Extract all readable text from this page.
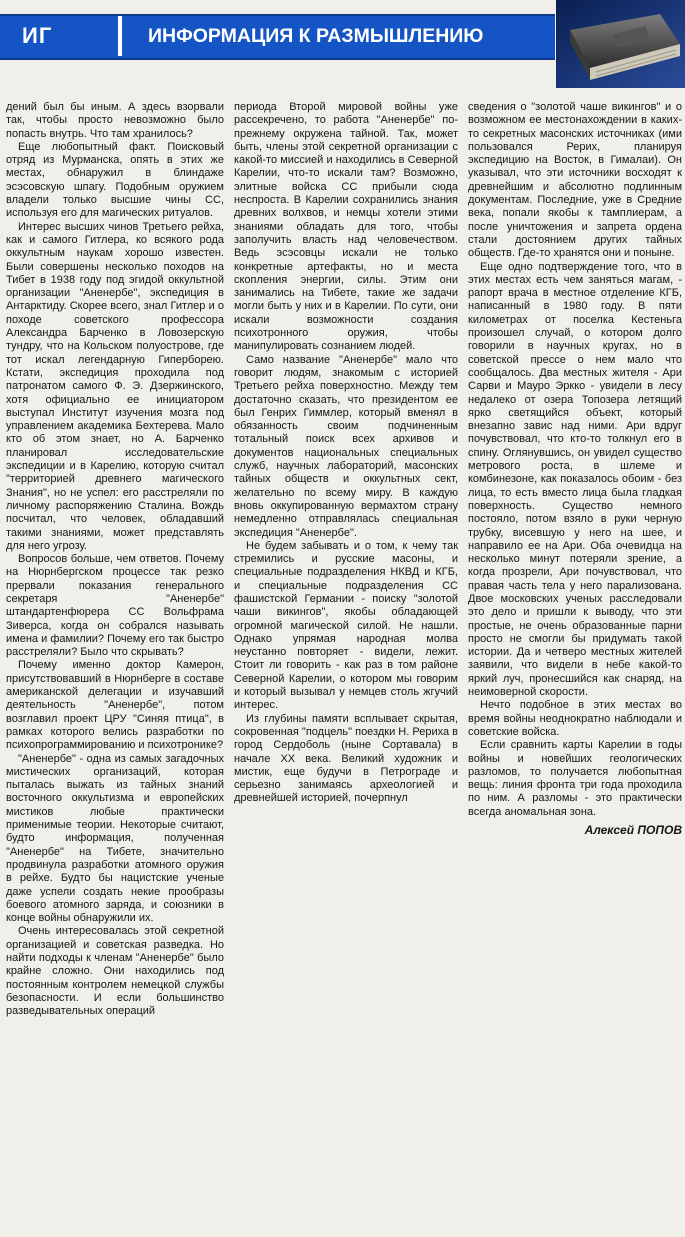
ИГ	ИНФОРМАЦИЯ К РАЗМЫШЛЕНИЮ

дений был бы иным. А здесь взорвали так, чтобы просто невозможно было попасть внутрь. Что там хранилось?

Еще любопытный факт. Поисковый отряд из Мурманска, опять в этих же местах, обнаружил в блиндаже эсэсовскую шпагу. Подобным оружием владели только высшие чины СС, используя его для магических ритуалов.

Интерес высших чинов Третьего рейха, как и самого Гитлера, ко всякого рода оккультным наукам хорошо известен. Были совершены несколько походов на Тибет в 1938 году под эгидой оккультной организации "Аненербе", экспедиция в Антарктиду. Скорее всего, знал Гитлер и о походе советского профессора Александра Барченко в Ловозерскую тундру, что на Кольском полуострове, где тот искал легендарную Гиперборею. Кстати, экспедиция проходила под патронатом самого Ф. Э. Дзержинского, хотя официально ее инициатором выступал Институт изучения мозга под управлением академика Бехтерева. Мало кто об этом знает, но А. Барченко планировал исследовательские экспедиции и в Карелию, которую считал "территорией древнего магического Знания", но не успел: его расстреляли по личному распоряжению Сталина. Вождь посчитал, что человек, обладавший такими знаниями, может представлять для него угрозу.

Вопросов больше, чем ответов. Почему на Нюрнбергском процессе так резко прервали показания генерального секретаря "Аненербе" штандартенфюрера СС Вольфрама Зиверса, когда он собрался называть имена и фамилии? Почему его так быстро расстреляли? Было что скрывать?

Почему именно доктор Камерон, присутствовавший в Нюрнберге в составе американской делегации и изучавший деятельность "Аненербе", потом возглавил проект ЦРУ "Синяя птица", в рамках которого велись разработки по психопрограммированию и психотронике?

"Аненербе" - одна из самых загадочных мистических организаций, которая пыталась выжать из тайных знаний восточного оккультизма и европейских мистиков любые практически применимые теории. Некоторые считают, будто информация, полученная "Аненербе" на Тибете, значительно продвинула разработки атомного оружия в рейхе. Будто бы нацистские ученые даже успели создать некие прообразы боевого атомного заряда, и союзники в конце войны обнаружили их.

Очень интересовалась этой секретной организацией и советская разведка. Но найти подходы к членам "Аненербе" было крайне сложно. Они находились под постоянным контролем немецкой службы безопасности. И если большинство разведывательных операций

периода Второй мировой войны уже рассекречено, то работа "Аненербе" по-прежнему окружена тайной. Так, может быть, члены этой секретной организации с какой-то миссией и находились в Северной Карелии, что-то искали там? Возможно, элитные войска СС прибыли сюда неспроста. В Карелии сохранились знания древних волхвов, и немцы хотели этими знаниями обладать для того, чтобы заполучить власть над человечеством. Ведь эсэсовцы искали не только конкретные артефакты, но и места скопления энергии, силы. Этим они занимались на Тибете, такие же задачи могли быть у них и в Карелии. По сути, они искали возможности создания психотронного оружия, чтобы манипулировать сознанием людей.

Само название "Аненербе" мало что говорит людям, знакомым с историей Третьего рейха поверхностно. Между тем достаточно сказать, что президентом ее был Генрих Гиммлер, который вменял в обязанность своим подчиненным тотальный поиск всех архивов и документов национальных специальных служб, научных лабораторий, масонских тайных обществ и оккультных сект, желательно по всему миру. В каждую вновь оккупированную вермахтом страну немедленно отправлялась специальная экспедиция "Аненербе".

Не будем забывать и о том, к чему так стремились и русские масоны, и специальные подразделения НКВД и КГБ, и специальные подразделения СС фашистской Германии - поиску "золотой чаши викингов", якобы обладающей огромной магической силой. Не нашли. Однако упрямая народная молва неустанно повторяет - видели, лежит. Стоит ли говорить - как раз в том районе Северной Карелии, о котором мы говорим и который вызывал у немцев столь жгучий интерес.

Из глубины памяти всплывает скрытая, сокровенная "подцель" поездки Н. Рериха в город Сердоболь (ныне Сортавала) в начале XX века. Великий художник и мистик, еще будучи в Петрограде и серьезно занимаясь археологией и древнейшей историей, почерпнул

сведения о "золотой чаше викингов" и о возможном ее местонахождении в каких-то секретных масонских источниках (ими пользовался Рерих, планируя экспедицию на Восток, в Гималаи). Он указывал, что эти источники восходят к древнейшим и абсолютно подлинным документам. Последние, уже в Средние века, попали якобы к тамплиерам, а после уничтожения и запрета ордена стали достоянием других тайных обществ. Где-то хранятся они и поныне.

Еще одно подтверждение того, что в этих местах есть чем заняться магам, - рапорт врача в местное отделение КГБ, написанный в 1980 году. В пяти километрах от поселка Кестеньга произошел случай, о котором долго говорили в научных кругах, но в советской прессе о нем мало что сообщалось. Два местных жителя - Ари Сарви и Мауро Эркко - увидели в лесу недалеко от озера Топозера летящий ярко светящийся объект, который внезапно завис над ними. Ари вдруг почувствовал, что кто-то толкнул его в спину. Оглянувшись, он увидел существо метрового роста, в шлеме и комбинезоне, как показалось обоим - без лица, то есть вместо лица была гладкая поверхность. Существо немного постояло, потом взяло в руки черную трубку, висевшую у него на шее, и направило ее на Ари. Оба очевидца на несколько минут потеряли зрение, а когда прозрели, Ари почувствовал, что правая часть тела у него парализована. Двое московских ученых расследовали это дело и пришли к выводу, что эти простые, не очень образованные парни просто не смогли бы придумать такой истории. Да и четверо местных жителей заявили, что видели в небе какой-то яркий луч, пронесшийся как снаряд, на неимоверной скорости.

Нечто подобное в этих местах во время войны неоднократно наблюдали и советские войска.

Если сравнить карты Карелии в годы войны и новейших геологических разломов, то получается любопытная вещь: линия фронта три года проходила по ним. А разломы - это практически всегда аномальная зона.

Алексей ПОПОВ
